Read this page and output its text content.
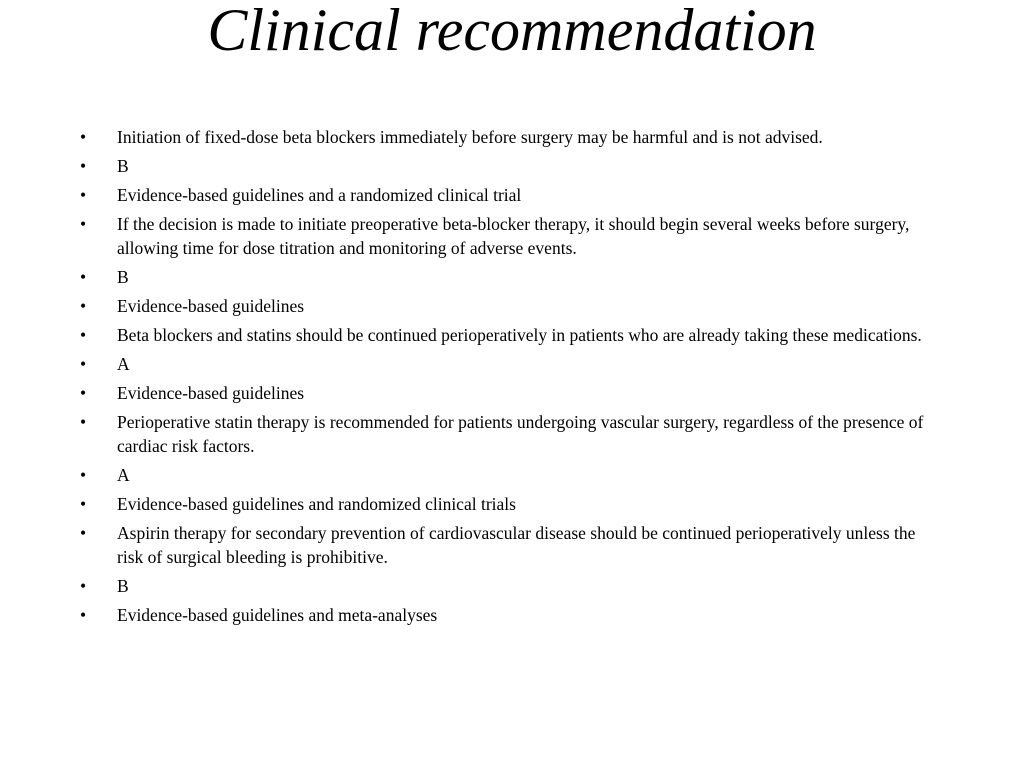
Clinical recommendation
•	Initiation of fixed-dose beta blockers immediately before surgery may be harmful and is not advised.
•	B
•	Evidence-based guidelines and a randomized clinical trial
•	If the decision is made to initiate preoperative beta-blocker therapy, it should begin several weeks before surgery, allowing time for dose titration and monitoring of adverse events.
•	B
•	Evidence-based guidelines
•	Beta blockers and statins should be continued perioperatively in patients who are already taking these medications.
•	A
•	Evidence-based guidelines
•	Perioperative statin therapy is recommended for patients undergoing vascular surgery, regardless of the presence of cardiac risk factors.
•	A
•	Evidence-based guidelines and randomized clinical trials
•	Aspirin therapy for secondary prevention of cardiovascular disease should be continued perioperatively unless the risk of surgical bleeding is prohibitive.
•	B
•	Evidence-based guidelines and meta-analyses
